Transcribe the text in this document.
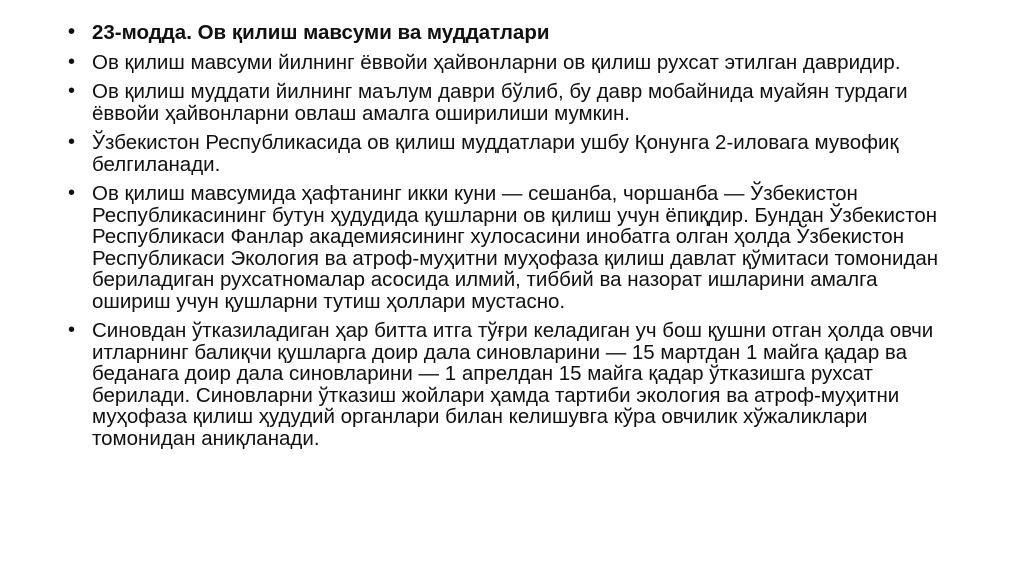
• 23-модда. Ов қилиш мавсуми ва муддатлари
• Ов қилиш мавсуми йилнинг ёввойи ҳайвонларни ов қилиш рухсат этилган давридир.
• Ов қилиш муддати йилнинг маълум даври бўлиб, бу давр мобайнида муайян турдаги ёввойи ҳайвонларни овлаш амалга оширилиши мумкин.
• Ўзбекистон Республикасида ов қилиш муддатлари ушбу Қонунга 2-иловага мувофиқ белгиланади.
• Ов қилиш мавсумида ҳафтанинг икки куни — сешанба, чоршанба — Ўзбекистон Республикасининг бутун ҳудудида қушларни ов қилиш учун ёпиқдир. Бундан Ўзбекистон Республикаси Фанлар академиясининг хулосасини инобатга олган ҳолда Ўзбекистон Республикаси Экология ва атроф-муҳитни муҳофаза қилиш давлат қўмитаси томонидан бериладиган рухсатномалар асосида илмий, тиббий ва назорат ишларини амалга ошириш учун қушларни тутиш ҳоллари мустасно.
• Синовдан ўтказиладиган ҳар битта итга тўғри келадиган уч бош қушни отган ҳолда овчи итларнинг балиқчи қушларга доир дала синовларини — 15 мартдан 1 майга қадар ва беданага доир дала синовларини — 1 апрелдан 15 майга қадар ўтказишга рухсат берилади. Синовларни ўтказиш жойлари ҳамда тартиби экология ва атроф-муҳитни муҳофаза қилиш ҳудудий органлари билан келишувга кўра овчилик хўжаликлари томонидан аниқланади.
